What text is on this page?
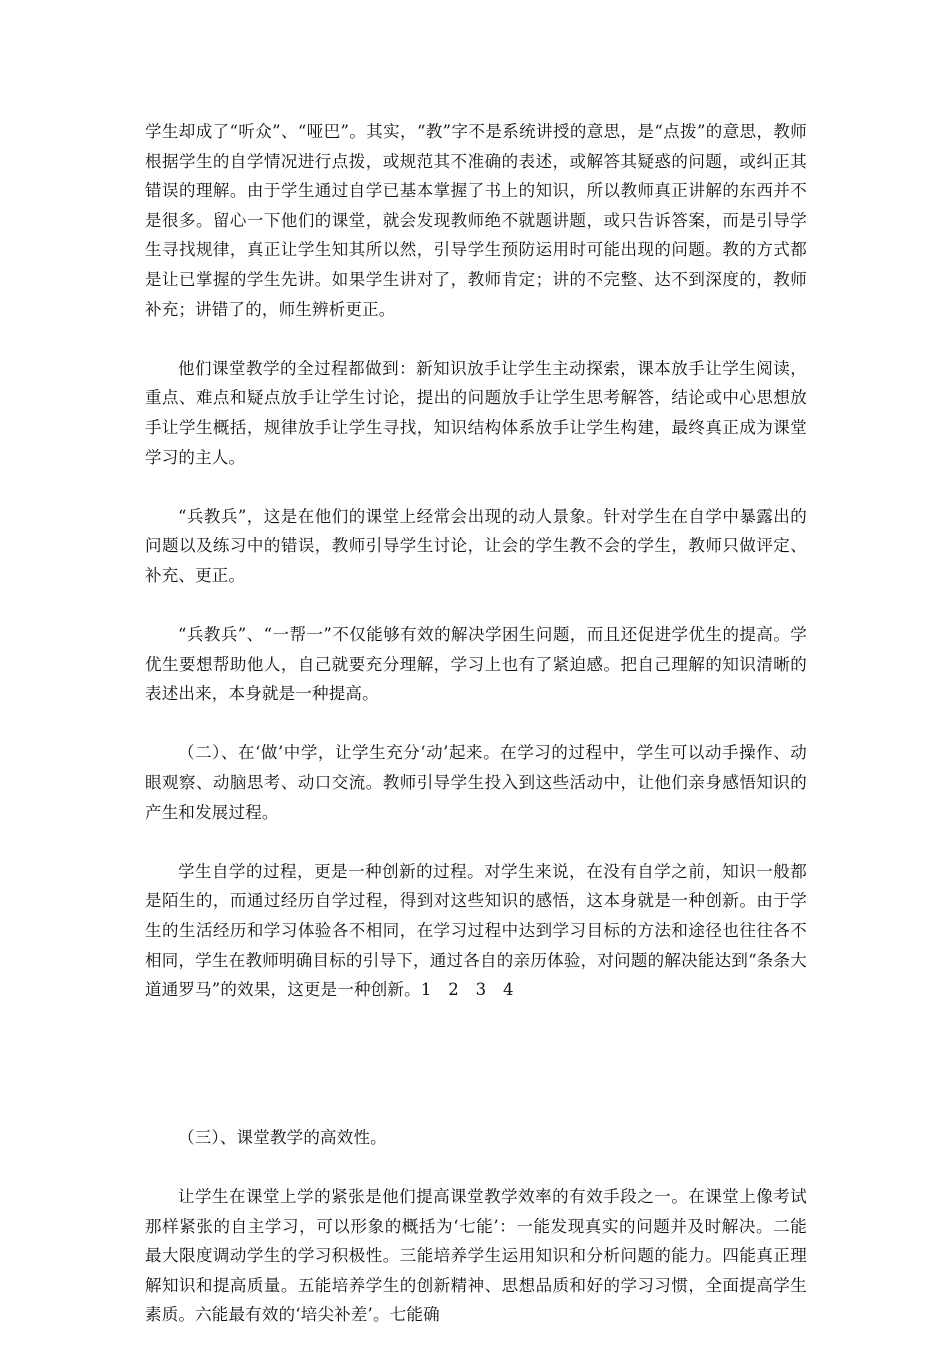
学生却成了“听众”、“哑巴”。其实，“教”字不是系统讲授的意思，是“点拨”的意思，教师根据学生的自学情况进行点拨，或规范其不准确的表述，或解答其疑惑的问题，或纠正其错误的理解。由于学生通过自学已基本掌握了书上的知识，所以教师真正讲解的东西并不是很多。留心一下他们的课堂，就会发现教师绝不就题讲题，或只告诉答案，而是引导学生寻找规律，真正让学生知其所以然，引导学生预防运用时可能出现的问题。教的方式都是让已掌握的学生先讲。如果学生讲对了，教师肯定；讲的不完整、达不到深度的，教师补充；讲错了的，师生辨析更正。

他们课堂教学的全过程都做到：新知识放手让学生主动探索，课本放手让学生阅读，重点、难点和疑点放手让学生讨论，提出的问题放手让学生思考解答，结论或中心思想放手让学生概括，规律放手让学生寻找，知识结构体系放手让学生构建，最终真正成为课堂学习的主人。

“兵教兵”，这是在他们的课堂上经常会出现的动人景象。针对学生在自学中暴露出的问题以及练习中的错误，教师引导学生讨论，让会的学生教不会的学生，教师只做评定、补充、更正。

“兵教兵”、“一帮一”不仅能够有效的解决学困生问题，而且还促进学优生的提高。学优生要想帮助他人，自己就要充分理解，学习上也有了紧迫感。把自己理解的知识清晰的表述出来，本身就是一种提高。

（二）、在‘做’中学，让学生充分‘动’起来。在学习的过程中，学生可以动手操作、动眼观察、动脑思考、动口交流。教师引导学生投入到这些活动中，让他们亲身感悟知识的产生和发展过程。

学生自学的过程，更是一种创新的过程。对学生来说，在没有自学之前，知识一般都是陌生的，而通过经历自学过程，得到对这些知识的感悟，这本身就是一种创新。由于学生的生活经历和学习体验各不相同，在学习过程中达到学习目标的方法和途径也往往各不相同，学生在教师明确目标的引导下，通过各自的亲历体验，对问题的解决能达到“条条大道通罗马”的效果，这更是一种创新。1　2　3　4

（三）、课堂教学的高效性。

让学生在课堂上学的紧张是他们提高课堂教学效率的有效手段之一。在课堂上像考试那样紧张的自主学习，可以形象的概括为‘七能’：一能发现真实的问题并及时解决。二能最大限度调动学生的学习积极性。三能培养学生运用知识和分析问题的能力。四能真正理解知识和提高质量。五能培养学生的创新精神、思想品质和好的学习习惯，全面提高学生素质。六能最有效的‘培尖补差’。七能确
